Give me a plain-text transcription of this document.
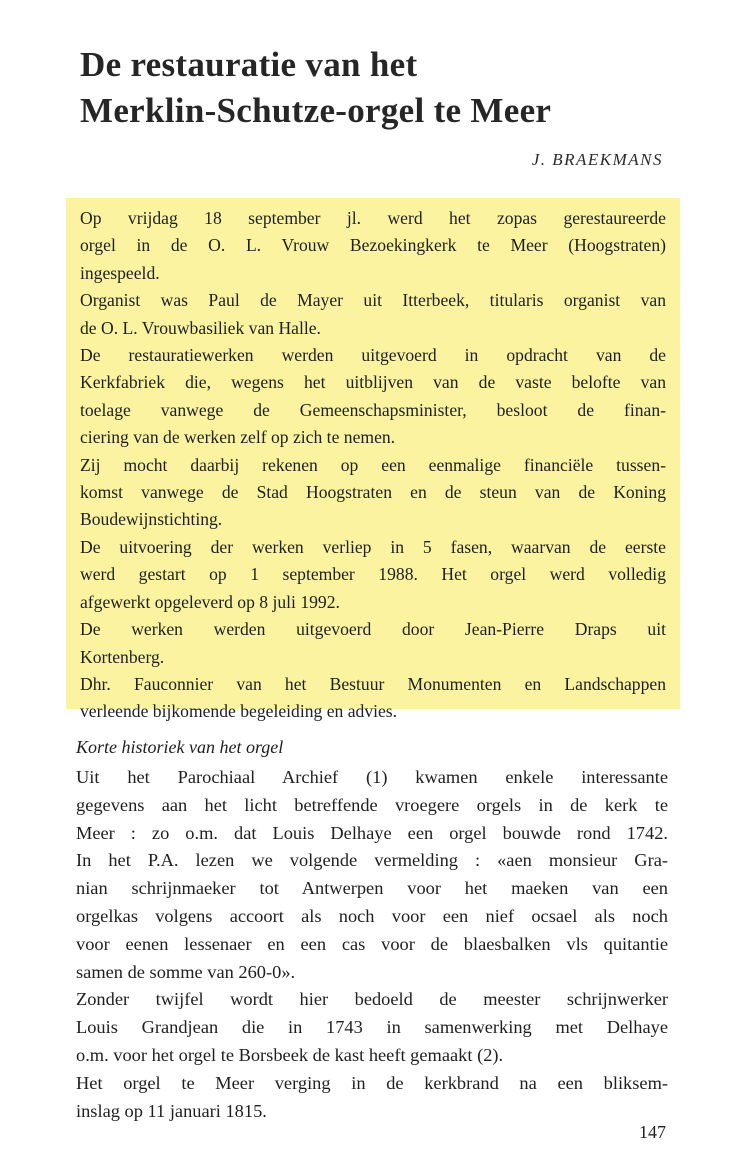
De restauratie van het
Merklin-Schutze-orgel te Meer
J. BRAEKMANS
Op vrijdag 18 september jl. werd het zopas gerestaureerde
orgel in de O. L. Vrouw Bezoekingkerk te Meer (Hoogstraten)
ingespeeld.
Organist was Paul de Mayer uit Itterbeek, titularis organist van
de O. L. Vrouwbasiliek van Halle.
De restauratiewerken werden uitgevoerd in opdracht van de
Kerkfabriek die, wegens het uitblijven van de vaste belofte van
toelage vanwege de Gemeenschapsminister, besloot de finan-
ciering van de werken zelf op zich te nemen.
Zij mocht daarbij rekenen op een eenmalige financiële tussen-
komst vanwege de Stad Hoogstraten en de steun van de Koning
Boudewijnstichting.
De uitvoering der werken verliep in 5 fasen, waarvan de eerste
werd gestart op 1 september 1988. Het orgel werd volledig
afgewerkt opgeleverd op 8 juli 1992.
De werken werden uitgevoerd door Jean-Pierre Draps uit
Kortenberg.
Dhr. Fauconnier van het Bestuur Monumenten en Landschappen
verleende bijkomende begeleiding en advies.
Korte historiek van het orgel
Uit het Parochiaal Archief (1) kwamen enkele interessante
gegevens aan het licht betreffende vroegere orgels in de kerk te
Meer : zo o.m. dat Louis Delhaye een orgel bouwde rond 1742.
In het P.A. lezen we volgende vermelding : «aen monsieur Gra-
nian schrijnmaeker tot Antwerpen voor het maeken van een
orgelkas volgens accoort als noch voor een nief ocsael als noch
voor eenen lessenaer en een cas voor de blaesbalken vls quitantie
samen de somme van 260-0».
Zonder twijfel wordt hier bedoeld de meester schrijnwerker
Louis Grandjean die in 1743 in samenwerking met Delhaye
o.m. voor het orgel te Borsbeek de kast heeft gemaakt (2).
Het orgel te Meer verging in de kerkbrand na een bliksem-
inslag op 11 januari 1815.
147
